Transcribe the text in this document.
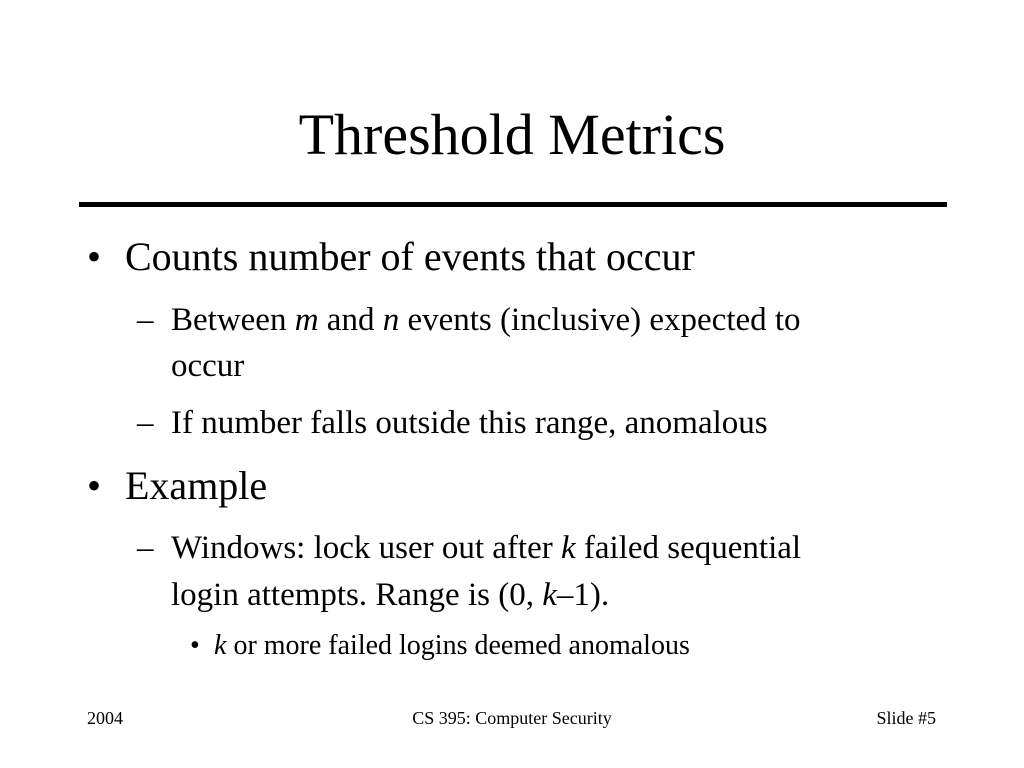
Threshold Metrics
• Counts number of events that occur
– Between m and n events (inclusive) expected to
occur
– If number falls outside this range, anomalous
• Example
– Windows: lock user out after k failed sequential
login attempts. Range is (0, k–1).
• k or more failed logins deemed anomalous
2004	CS 395: Computer Security	Slide #5
